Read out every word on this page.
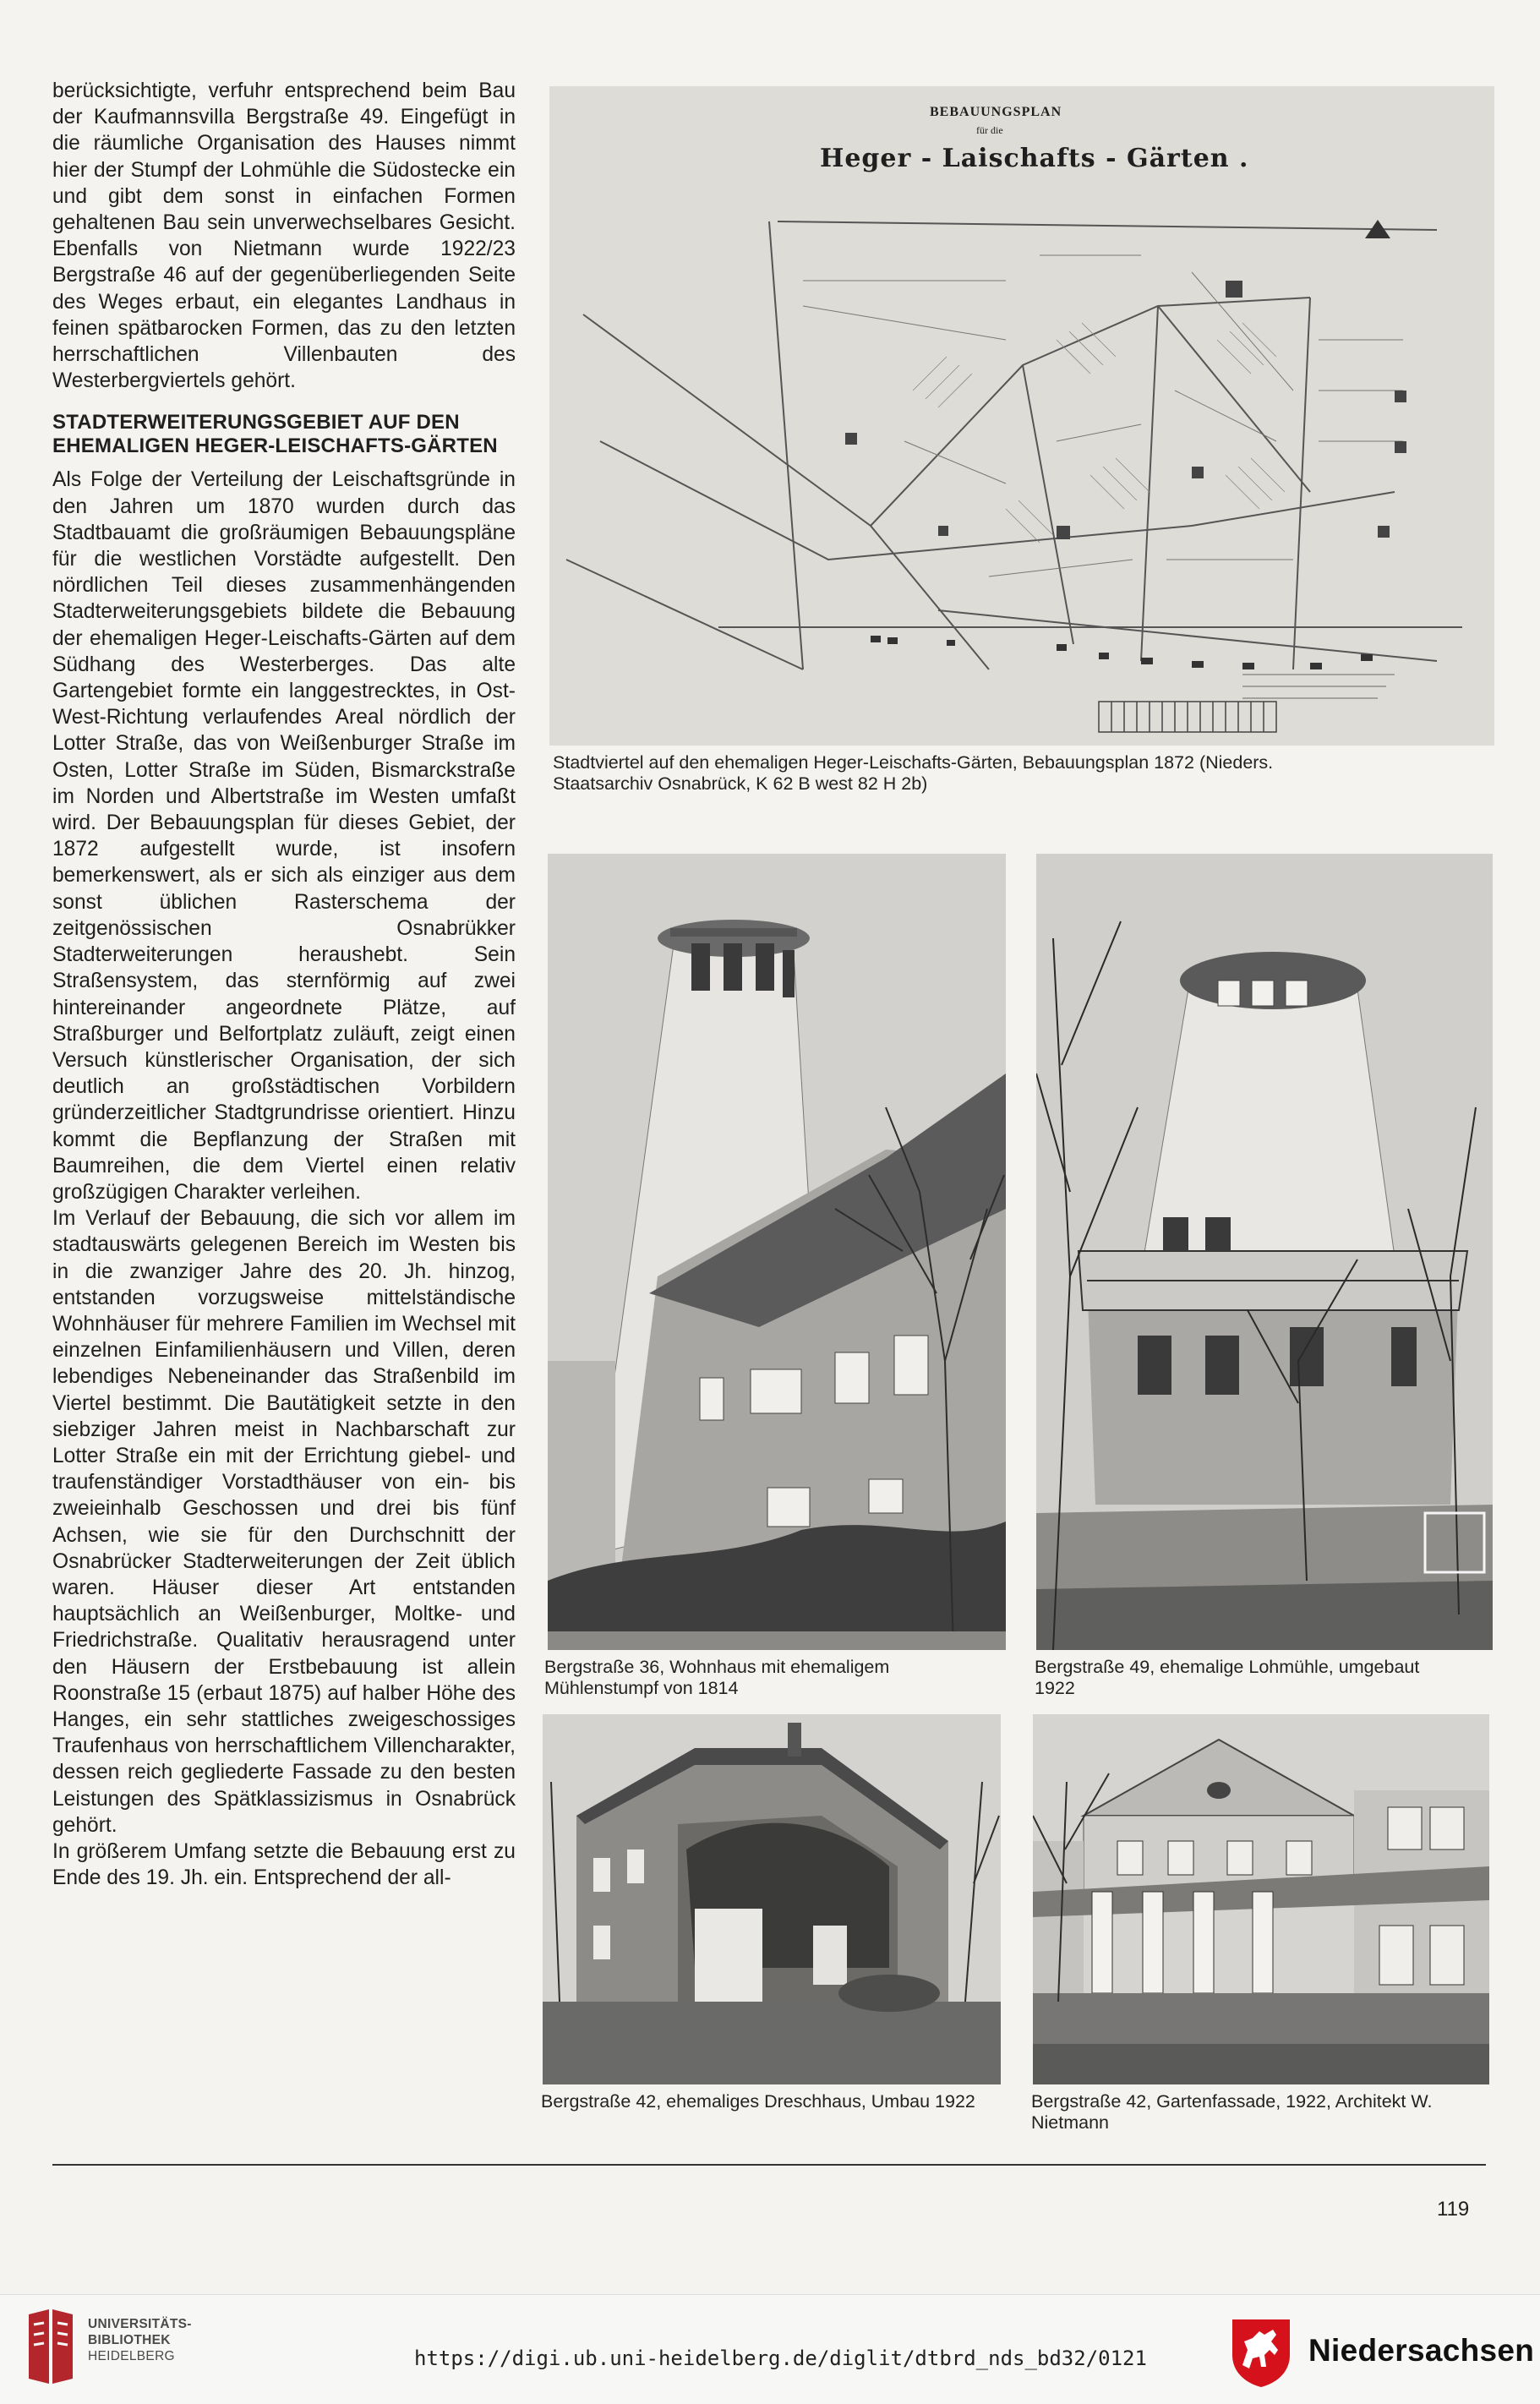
berücksichtigte, verfuhr entsprechend beim Bau der Kaufmannsvilla Bergstraße 49. Eingefügt in die räumliche Organisation des Hauses nimmt hier der Stumpf der Lohmühle die Südostecke ein und gibt dem sonst in einfachen Formen gehaltenen Bau sein unverwechselbares Gesicht. Ebenfalls von Nietmann wurde 1922/23 Bergstraße 46 auf der gegenüberliegenden Seite des Weges erbaut, ein elegantes Landhaus in feinen spätbarocken Formen, das zu den letzten herrschaftlichen Villenbauten des Westerbergviertels gehört.

STADTERWEITERUNGSGEBIET AUF DEN EHEMALIGEN HEGER-LEISCHAFTS-GÄRTEN

Als Folge der Verteilung der Leischaftsgründe in den Jahren um 1870 wurden durch das Stadtbauamt die großräumigen Bebauungspläne für die westlichen Vorstädte aufgestellt. Den nördlichen Teil dieses zusammenhängenden Stadterweiterungsgebiets bildete die Bebauung der ehemaligen Heger-Leischafts-Gärten auf dem Südhang des Westerberges. Das alte Gartengebiet formte ein langgestrecktes, in Ost-West-Richtung verlaufendes Areal nördlich der Lotter Straße, das von Weißenburger Straße im Osten, Lotter Straße im Süden, Bismarckstraße im Norden und Albertstraße im Westen umfaßt wird. Der Bebauungsplan für dieses Gebiet, der 1872 aufgestellt wurde, ist insofern bemerkenswert, als er sich als einziger aus dem sonst üblichen Rasterschema der zeitgenössischen Osnabrükker Stadterweiterungen heraushebt. Sein Straßensystem, das sternförmig auf zwei hintereinander angeordnete Plätze, auf Straßburger und Belfortplatz zuläuft, zeigt einen Versuch künstlerischer Organisation, der sich deutlich an großstädtischen Vorbildern gründerzeitlicher Stadtgrundrisse orientiert. Hinzu kommt die Bepflanzung der Straßen mit Baumreihen, die dem Viertel einen relativ großzügigen Charakter verleihen.

Im Verlauf der Bebauung, die sich vor allem im stadtauswärts gelegenen Bereich im Westen bis in die zwanziger Jahre des 20. Jh. hinzog, entstanden vorzugsweise mittelständische Wohnhäuser für mehrere Familien im Wechsel mit einzelnen Einfamilienhäusern und Villen, deren lebendiges Nebeneinander das Straßenbild im Viertel bestimmt. Die Bautätigkeit setzte in den siebziger Jahren meist in Nachbarschaft zur Lotter Straße ein mit der Errichtung giebel- und traufenständiger Vorstadthäuser von ein- bis zweieinhalb Geschossen und drei bis fünf Achsen, wie sie für den Durchschnitt der Osnabrücker Stadterweiterungen der Zeit üblich waren. Häuser dieser Art entstanden hauptsächlich an Weißenburger, Moltke- und Friedrichstraße. Qualitativ herausragend unter den Häusern der Erstbebauung ist allein Roonstraße 15 (erbaut 1875) auf halber Höhe des Hanges, ein sehr stattliches zweigeschossiges Traufenhaus von herrschaftlichem Villencharakter, dessen reich gegliederte Fassade zu den besten Leistungen des Spätklassizismus in Osnabrück gehört.

In größerem Umfang setzte die Bebauung erst zu Ende des 19. Jh. ein. Entsprechend der all-

BEBAUUNGSPLAN
für die
Heger - Laischafts - Gärten .
Stadtviertel auf den ehemaligen Heger-Leischafts-Gärten, Bebauungsplan 1872 (Nieders. Staatsarchiv Osnabrück, K 62 B west 82 H 2b)
Bergstraße 36, Wohnhaus mit ehemaligem Mühlenstumpf von 1814
Bergstraße 49, ehemalige Lohmühle, umgebaut 1922
Bergstraße 42, ehemaliges Dreschhaus, Umbau 1922	Bergstraße 42, Gartenfassade, 1922, Architekt W. Nietmann
119
UNIVERSITÄTS-
BIBLIOTHEK
HEIDELBERG	https://digi.ub.uni-heidelberg.de/diglit/dtbrd_nds_bd32/0121	Niedersachsen
